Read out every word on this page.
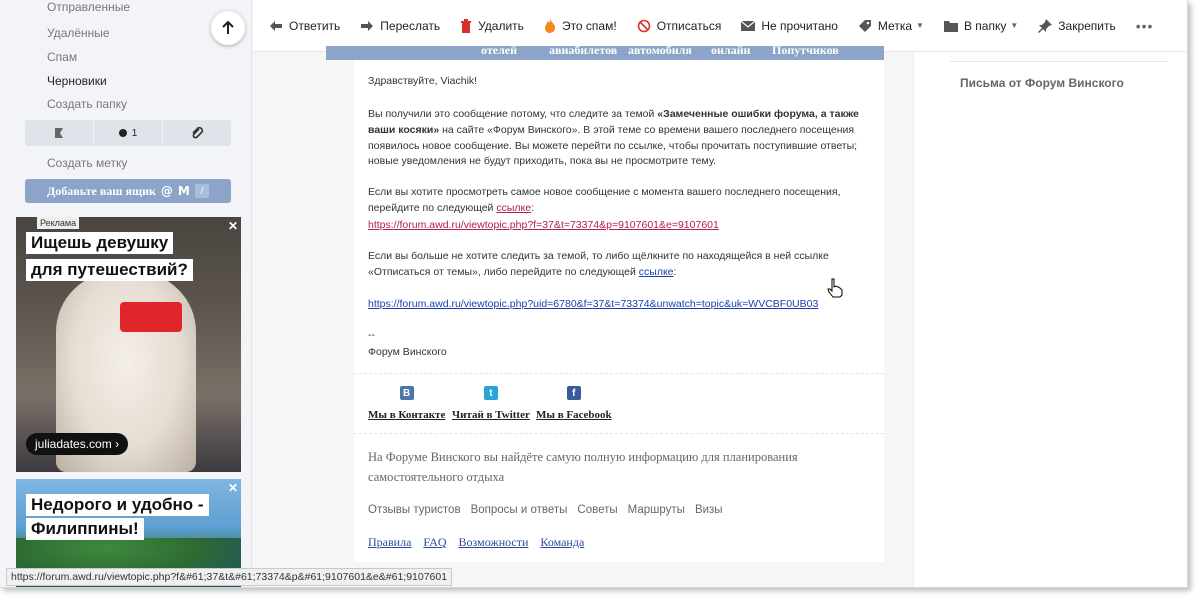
Отправленные
Удалённые
Спам
Черновики
Создать папку
1
Создать метку
Добавьте ваш ящик @ M	/
Реклама	✕
Ищешь девушку
для путешествий?
juliadates.com ›
✕
Недорого и удобно -
Филиппины!
Ответить	Переслать	Удалить	Это спам!	Отписаться	Не прочитано	Метка ▼	В папку ▼	Закрепить •••
отелей	авиабилетов автомобиля онлайн Попутчиков
Здравствуйте, Viachik!
Вы получили это сообщение потому, что следите за темой «Замеченные ошибки форума, а также ваши косяки» на сайте «Форум Винского». В этой теме со времени вашего последнего посещения появилось новое сообщение. Вы можете перейти по ссылке, чтобы прочитать поступившие ответы; новые уведомления не будут приходить, пока вы не просмотрите тему.
Если вы хотите просмотреть самое новое сообщение с момента вашего последнего посещения, перейдите по следующей ссылке:
https://forum.awd.ru/viewtopic.php?f=37&t=73374&p=9107601&e=9107601
Если вы больше не хотите следить за темой, то либо щёлкните по находящейся в ней ссылке «Отписаться от темы», либо перейдите по следующей ссылке:
https://forum.awd.ru/viewtopic.php?uid=6780&f=37&t=73374&unwatch=topic&uk=WVCBF0UB03
--
Форум Винского
В
Мы в Контакте
t
Читай в Twitter
f
Мы в Facebook
На Форуме Винского вы найдёте самую полную информацию для планирования самостоятельного отдыха
Отзывы туристов Вопросы и ответы Советы Маршруты Визы
Правила FAQ Возможности Команда
Письма от Форум Винского
https://forum.awd.ru/viewtopic.php?f&#61;37&t&#61;73374&p&#61;9107601&e&#61;9107601
